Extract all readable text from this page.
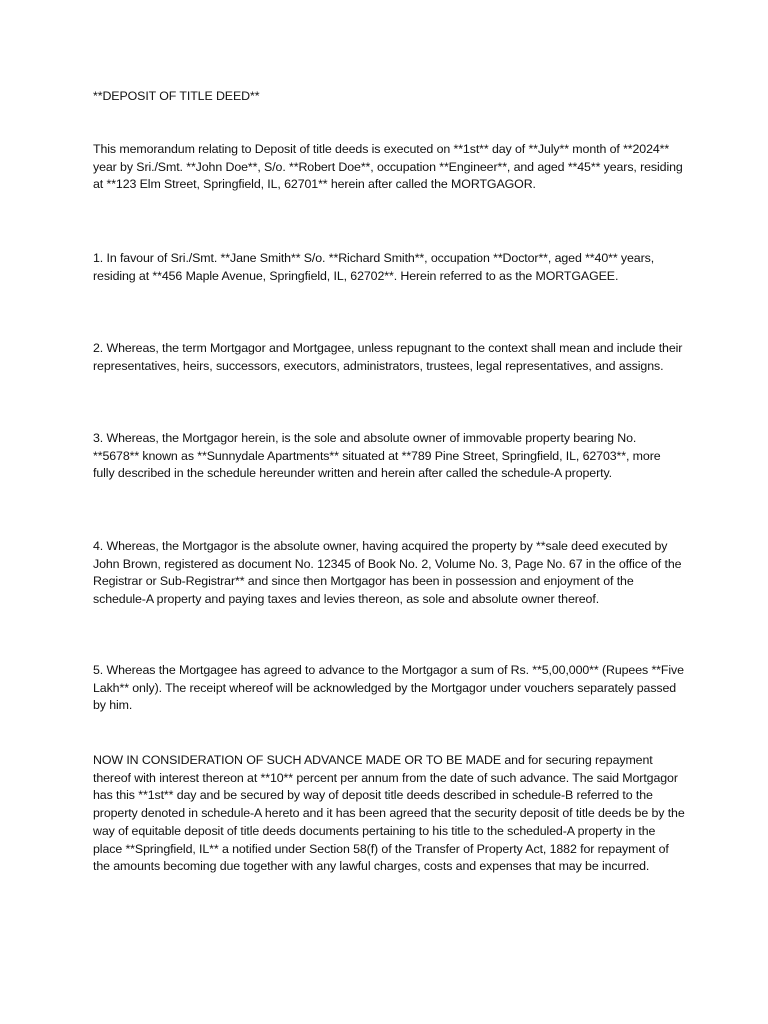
**DEPOSIT OF TITLE DEED**

This memorandum relating to Deposit of title deeds is executed on **1st** day of **July** month of **2024** year by Sri./Smt. **John Doe**, S/o. **Robert Doe**, occupation **Engineer**, and aged **45** years, residing at **123 Elm Street, Springfield, IL, 62701** herein after called the MORTGAGOR.

1. In favour of Sri./Smt. **Jane Smith** S/o. **Richard Smith**, occupation **Doctor**, aged **40** years, residing at **456 Maple Avenue, Springfield, IL, 62702**. Herein referred to as the MORTGAGEE.

2. Whereas, the term Mortgagor and Mortgagee, unless repugnant to the context shall mean and include their representatives, heirs, successors, executors, administrators, trustees, legal representatives, and assigns.

3. Whereas, the Mortgagor herein, is the sole and absolute owner of immovable property bearing No. **5678** known as **Sunnydale Apartments** situated at **789 Pine Street, Springfield, IL, 62703**, more fully described in the schedule hereunder written and herein after called the schedule-A property.

4. Whereas, the Mortgagor is the absolute owner, having acquired the property by **sale deed executed by John Brown, registered as document No. 12345 of Book No. 2, Volume No. 3, Page No. 67 in the office of the Registrar or Sub-Registrar** and since then Mortgagor has been in possession and enjoyment of the schedule-A property and paying taxes and levies thereon, as sole and absolute owner thereof.

5. Whereas the Mortgagee has agreed to advance to the Mortgagor a sum of Rs. **5,00,000** (Rupees **Five Lakh** only). The receipt whereof will be acknowledged by the Mortgagor under vouchers separately passed by him.

NOW IN CONSIDERATION OF SUCH ADVANCE MADE OR TO BE MADE and for securing repayment thereof with interest thereon at **10** percent per annum from the date of such advance. The said Mortgagor has this **1st** day and be secured by way of deposit title deeds described in schedule-B referred to the property denoted in schedule-A hereto and it has been agreed that the security deposit of title deeds be by the way of equitable deposit of title deeds documents pertaining to his title to the scheduled-A property in the place **Springfield, IL** a notified under Section 58(f) of the Transfer of Property Act, 1882 for repayment of the amounts becoming due together with any lawful charges, costs and expenses that may be incurred.
